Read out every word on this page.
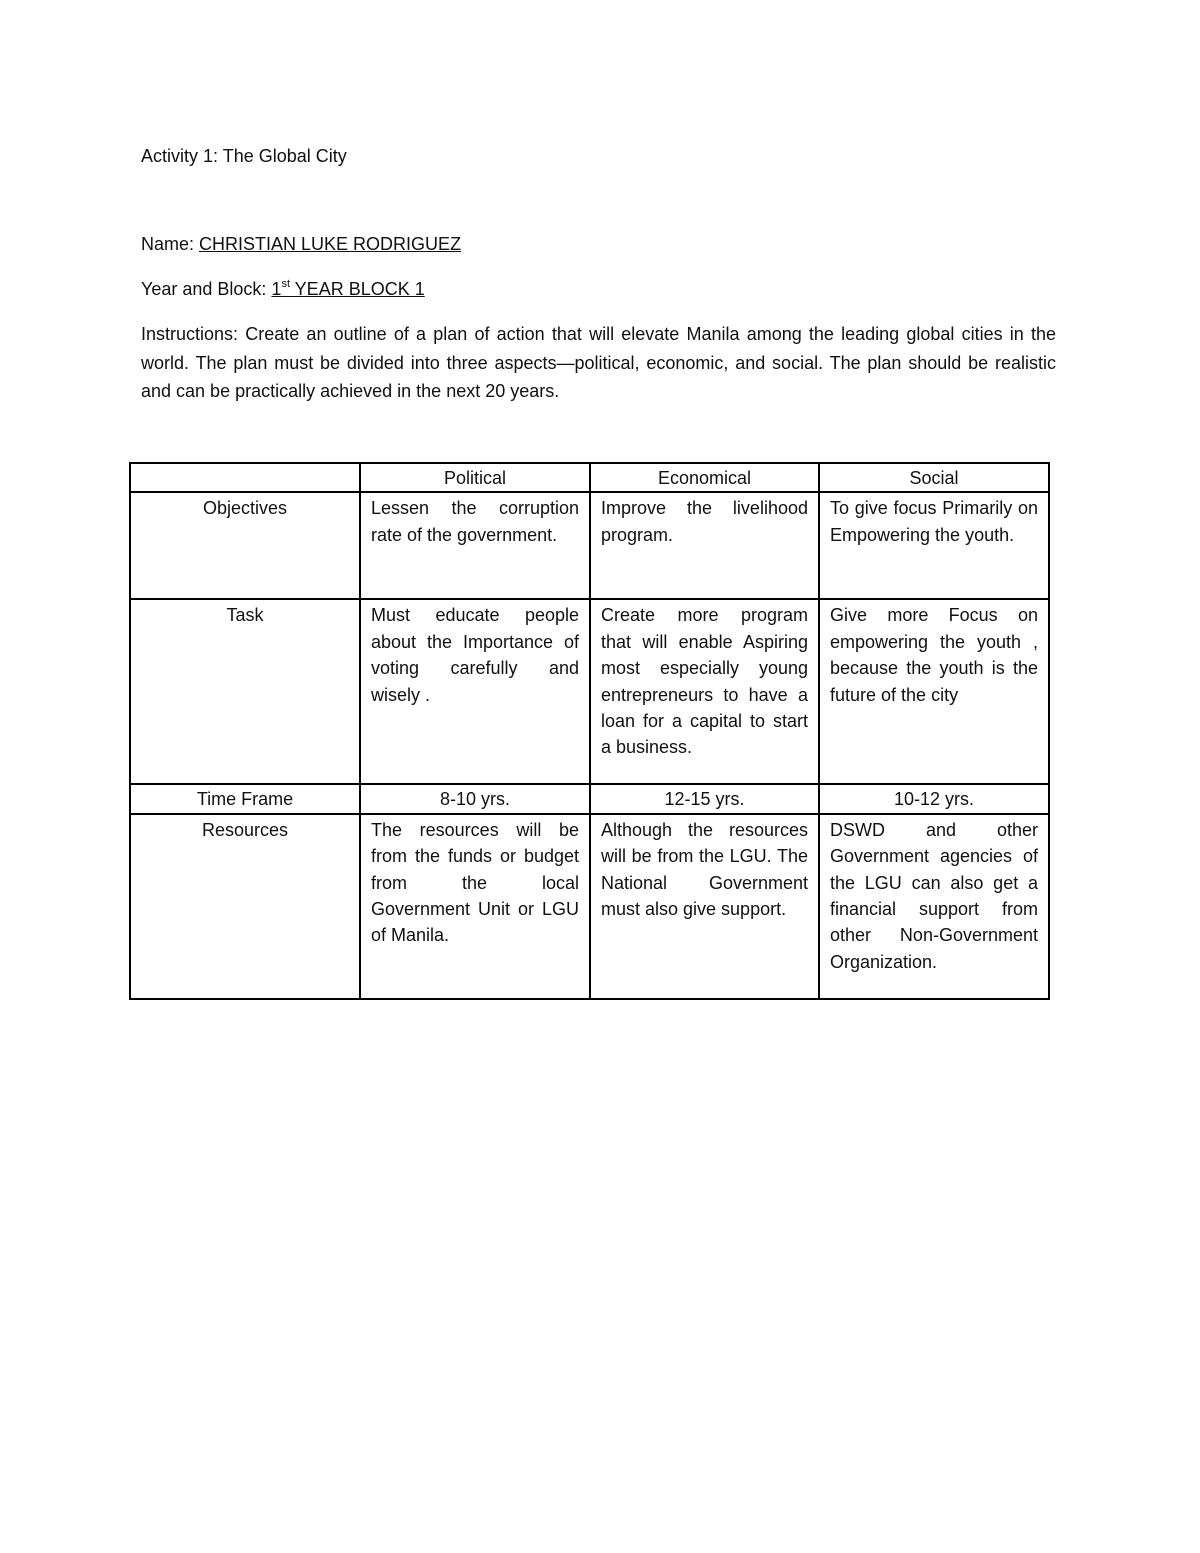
Activity 1: The Global City
Name: CHRISTIAN LUKE RODRIGUEZ
Year and Block: 1st YEAR BLOCK 1
Instructions: Create an outline of a plan of action that will elevate Manila among the leading global cities in the world. The plan must be divided into three aspects—political, economic, and social. The plan should be realistic and can be practically achieved in the next 20 years.
	Political	Economical	Social
Objectives	Lessen the corruption rate of the government.	Improve the livelihood program.	To give focus Primarily on Empowering the youth.
Task	Must educate people about the Importance of voting carefully and wisely .	Create more program that will enable Aspiring most especially young entrepreneurs to have a loan for a capital to start a business.	Give more Focus on empowering the youth , because the youth is the future of the city
Time Frame	8-10 yrs.	12-15 yrs.	10-12 yrs.
Resources	The resources will be from the funds or budget from the local Government Unit or LGU of Manila.	Although the resources will be from the LGU. The National Government must also give support.	DSWD and other Government agencies of the LGU can also get a financial support from other Non-Government Organization.
